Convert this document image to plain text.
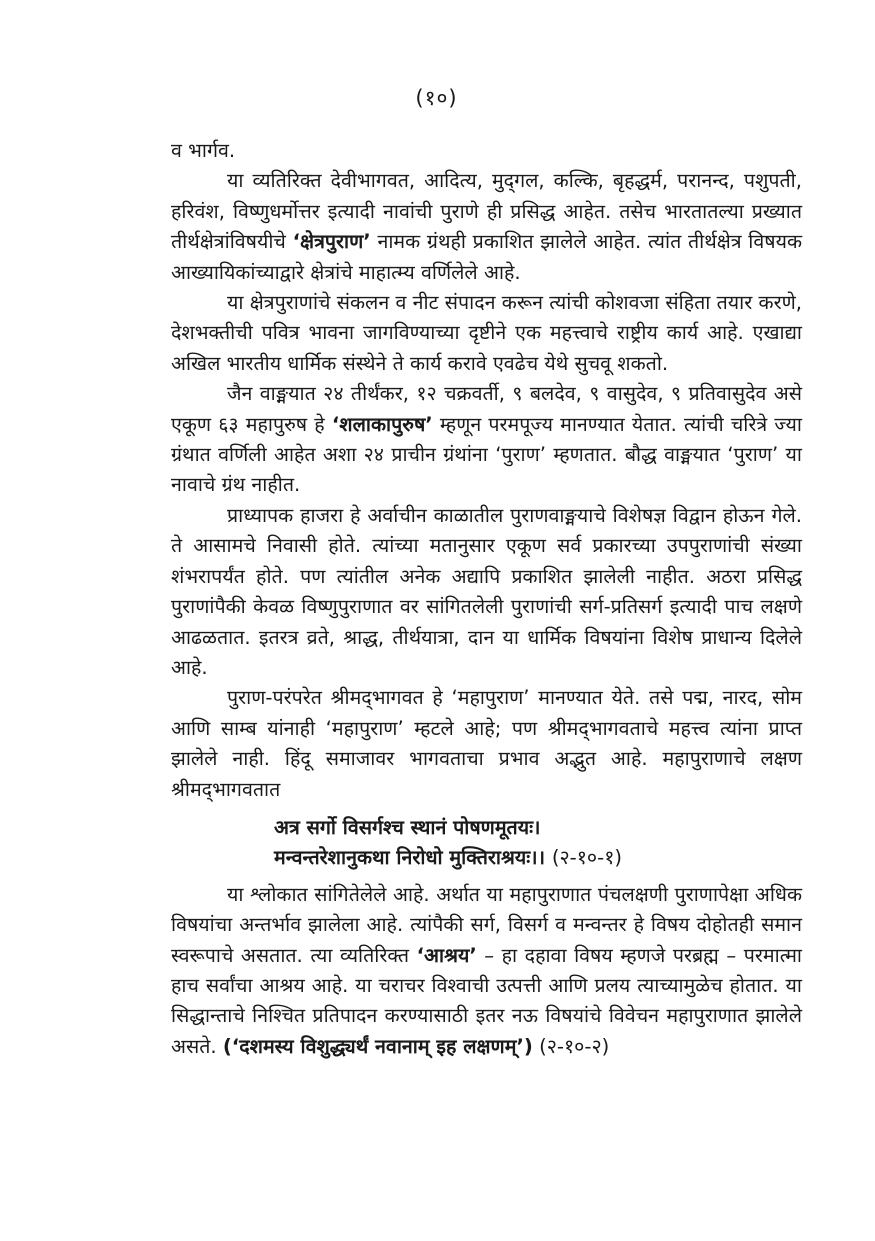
(१०)

व भार्गव.

या व्यतिरिक्त देवीभागवत, आदित्य, मुद्‌गल, कल्कि, बृहद्धर्म, परानन्द, पशुपती, हरिवंश, विष्णुधर्मोत्तर इत्यादी नावांची पुराणे ही प्रसिद्ध आहेत. तसेच भारतातल्या प्रख्यात तीर्थक्षेत्रांविषयीचे ‘क्षेत्रपुराण’ नामक ग्रंथही प्रकाशित झालेले आहेत. त्यांत तीर्थक्षेत्र विषयक आख्यायिकांच्याद्वारे क्षेत्रांचे माहात्म्य वर्णिलेले आहे.

या क्षेत्रपुराणांचे संकलन व नीट संपादन करून त्यांची कोशवजा संहिता तयार करणे, देशभक्तीची पवित्र भावना जागविण्याच्या दृष्टीने एक महत्त्वाचे राष्ट्रीय कार्य आहे. एखाद्या अखिल भारतीय धार्मिक संस्थेने ते कार्य करावे एवढेच येथे सुचवू शकतो.

जैन वाङ्मयात २४ तीर्थंकर, १२ चक्रवर्ती, ९ बलदेव, ९ वासुदेव, ९ प्रतिवासुदेव असे एकूण ६३ महापुरुष हे ‘शलाकापुरुष’ म्हणून परमपूज्य मानण्यात येतात. त्यांची चरित्रे ज्या ग्रंथात वर्णिली आहेत अशा २४ प्राचीन ग्रंथांना ‘पुराण’ म्हणतात. बौद्ध वाङ्मयात ‘पुराण’ या नावाचे ग्रंथ नाहीत.

प्राध्यापक हाजरा हे अर्वाचीन काळातील पुराणवाङ्मयाचे विशेषज्ञ विद्वान होऊन गेले. ते आसामचे निवासी होते. त्यांच्या मतानुसार एकूण सर्व प्रकारच्या उपपुराणांची संख्या शंभरापर्यंत होते. पण त्यांतील अनेक अद्यापि प्रकाशित झालेली नाहीत. अठरा प्रसिद्ध पुराणांपैकी केवळ विष्णुपुराणात वर सांगितलेली पुराणांची सर्ग-प्रतिसर्ग इत्यादी पाच लक्षणे आढळतात. इतरत्र व्रते, श्राद्ध, तीर्थयात्रा, दान या धार्मिक विषयांना विशेष प्राधान्य दिलेले आहे.

पुराण-परंपरेत श्रीमद्‌भागवत हे ‘महापुराण’ मानण्यात येते. तसे पद्म, नारद, सोम आणि साम्ब यांनाही ‘महापुराण’ म्हटले आहे; पण श्रीमद्‌भागवताचे महत्त्व त्यांना प्राप्त झालेले नाही. हिंदू समाजावर भागवताचा प्रभाव अद्भुत आहे. महापुराणाचे लक्षण श्रीमद्‌भागवतात

अत्र सर्गो विसर्गश्च स्थानं पोषणमूतयः।
मन्वन्तरेशानुकथा निरोधो मुक्तिराश्रयः।। (२-१०-१)

या श्लोकात सांगितेलेले आहे. अर्थात या महापुराणात पंचलक्षणी पुराणापेक्षा अधिक विषयांचा अन्तर्भाव झालेला आहे. त्यांपैकी सर्ग, विसर्ग व मन्वन्तर हे विषय दोहोतही समान स्वरूपाचे असतात. त्या व्यतिरिक्त ‘आश्रय’ – हा दहावा विषय म्हणजे परब्रह्म – परमात्मा हाच सर्वांचा आश्रय आहे. या चराचर विश्वाची उत्पत्ती आणि प्रलय त्याच्यामुळेच होतात. या सिद्धान्ताचे निश्चित प्रतिपादन करण्यासाठी इतर नऊ विषयांचे विवेचन महापुराणात झालेले असते. (‘दशमस्य विशुद्ध्यर्थं नवानाम् इह लक्षणम्’) (२-१०-२)
